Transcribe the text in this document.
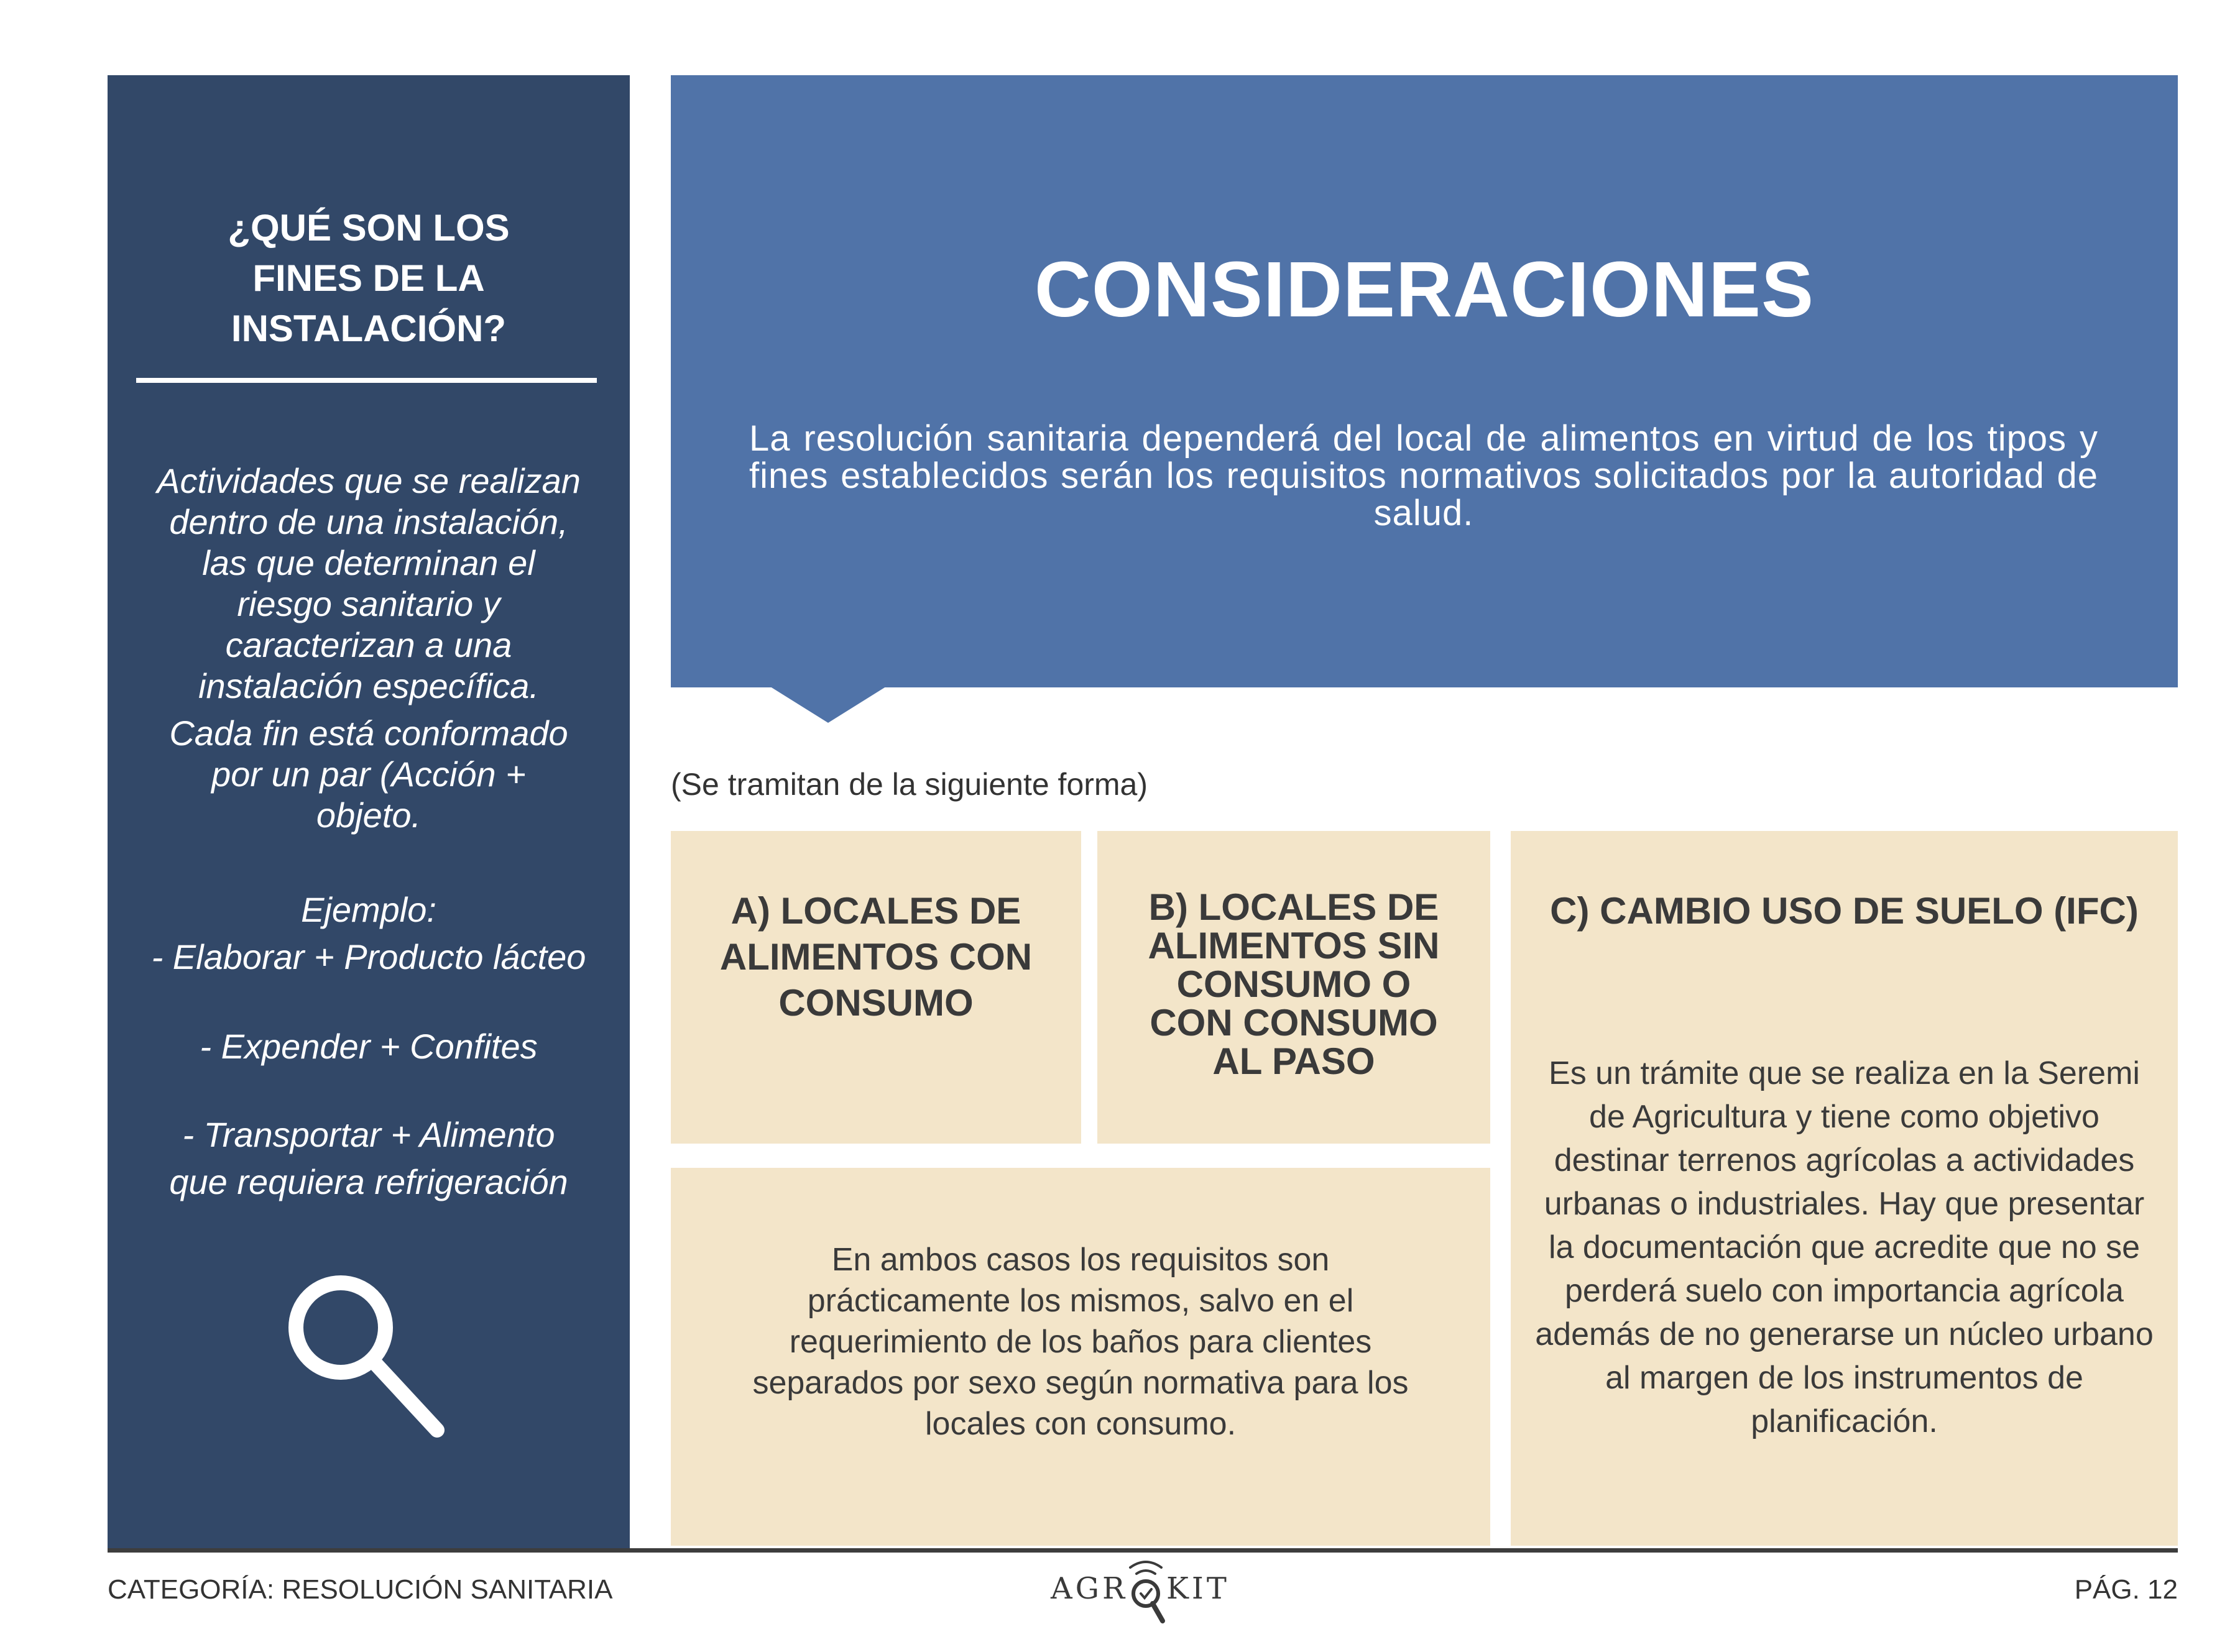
¿QUÉ SON LOS
FINES DE LA
INSTALACIÓN?
Actividades que se realizan
dentro de una instalación,
las que determinan el
riesgo sanitario y
caracterizan a una
instalación específica.
Cada fin está conformado
por un par (Acción +
objeto.
Ejemplo:
- Elaborar + Producto lácteo
- Expender + Confites
- Transportar + Alimento
que requiera refrigeración
CONSIDERACIONES
La resolución sanitaria dependerá del local de alimentos en virtud de los tipos y fines establecidos serán los requisitos normativos solicitados por la autoridad de salud.
(Se tramitan de la siguiente forma)
A) LOCALES DE
ALIMENTOS CON
CONSUMO
B) LOCALES DE
ALIMENTOS SIN
CONSUMO O
CON CONSUMO
AL PASO
C) CAMBIO USO DE SUELO (IFC)
Es un trámite que se realiza en la Seremi de Agricultura y tiene como objetivo destinar terrenos agrícolas a actividades urbanas o industriales. Hay que presentar la documentación que acredite que no se perderá suelo con importancia agrícola además de no generarse un núcleo urbano al margen de los instrumentos de planificación.
En ambos casos los requisitos son prácticamente los mismos, salvo en el requerimiento de los baños para clientes separados por sexo según normativa para los locales con consumo.
CATEGORÍA: RESOLUCIÓN SANITARIA	AGR KIT	PÁG. 12
